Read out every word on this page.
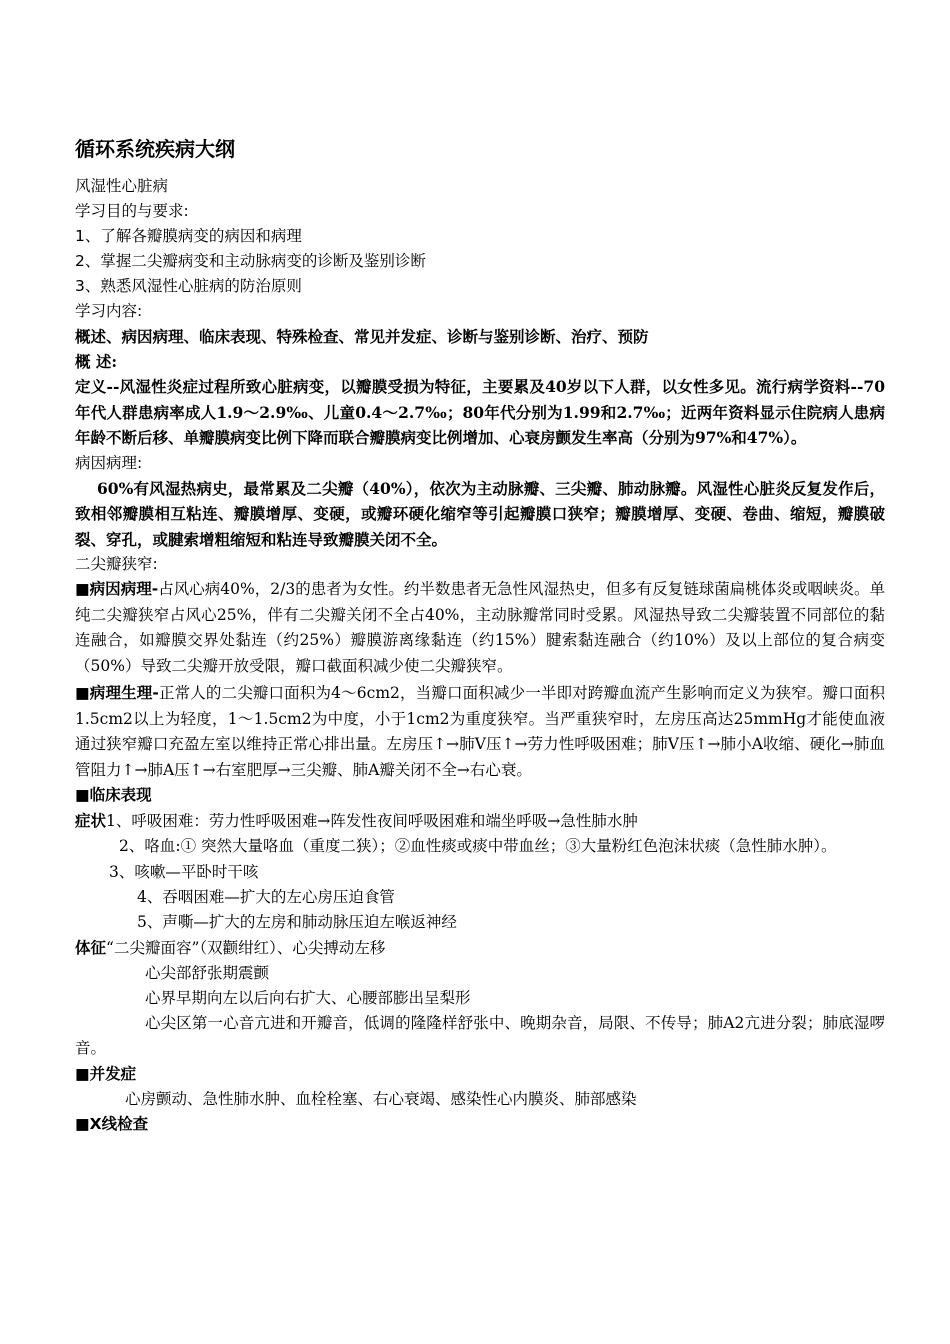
循环系统疾病大纲
风湿性心脏病
学习目的与要求:
1、了解各瓣膜病变的病因和病理
2、掌握二尖瓣病变和主动脉病变的诊断及鉴别诊断
3、熟悉风湿性心脏病的防治原则
学习内容:
概述、病因病理、临床表现、特殊检查、常见并发症、诊断与鉴别诊断、治疗、预防
概 述:
定义--风湿性炎症过程所致心脏病变，以瓣膜受损为特征，主要累及40岁以下人群，以女性多见。流行病学资料--70年代人群患病率成人1.9～2.9‰、儿童0.4～2.7‰；80年代分别为1.99和2.7‰；近两年资料显示住院病人患病年龄不断后移、单瓣膜病变比例下降而联合瓣膜病变比例增加、心衰房颤发生率高（分别为97%和47%）。
病因病理:
60%有风湿热病史，最常累及二尖瓣（40%），依次为主动脉瓣、三尖瓣、肺动脉瓣。风湿性心脏炎反复发作后，致相邻瓣膜相互粘连、瓣膜增厚、变硬，或瓣环硬化缩窄等引起瓣膜口狭窄；瓣膜增厚、变硬、卷曲、缩短，瓣膜破裂、穿孔，或腱索增粗缩短和粘连导致瓣膜关闭不全。
二尖瓣狭窄:
■病因病理-占风心病40%，2/3的患者为女性。约半数患者无急性风湿热史，但多有反复链球菌扁桃体炎或咽峡炎。单纯二尖瓣狭窄占风心25%，伴有二尖瓣关闭不全占40%，主动脉瓣常同时受累。风湿热导致二尖瓣装置不同部位的黏连融合，如瓣膜交界处黏连（约25%）瓣膜游离缘黏连（约15%）腱索黏连融合（约10%）及以上部位的复合病变（50%）导致二尖瓣开放受限，瓣口截面积减少使二尖瓣狭窄。
■病理生理-正常人的二尖瓣口面积为4～6cm2，当瓣口面积减少一半即对跨瓣血流产生影响而定义为狭窄。瓣口面积1.5cm2以上为轻度，1～1.5cm2为中度，小于1cm2为重度狭窄。当严重狭窄时，左房压高达25mmHg才能使血液通过狭窄瓣口充盈左室以维持正常心排出量。左房压↑→肺V压↑→劳力性呼吸困难；肺V压↑→肺小A收缩、硬化→肺血管阻力↑→肺A压↑→右室肥厚→三尖瓣、肺A瓣关闭不全→右心衰。
■临床表现
症状1、呼吸困难：劳力性呼吸困难→阵发性夜间呼吸困难和端坐呼吸→急性肺水肿
2、咯血:① 突然大量咯血（重度二狭）；②血性痰或痰中带血丝；③大量粉红色泡沫状痰（急性肺水肿）。
3、咳嗽—平卧时干咳
4、吞咽困难—扩大的左心房压迫食管
5、声嘶—扩大的左房和肺动脉压迫左喉返神经
体征“二尖瓣面容”（双颧绀红）、心尖搏动左移
心尖部舒张期震颤
心界早期向左以后向右扩大、心腰部膨出呈梨形
心尖区第一心音亢进和开瓣音，低调的隆隆样舒张中、晚期杂音，局限、不传导；肺A2亢进分裂；肺底湿啰音。
■并发症
心房颤动、急性肺水肿、血栓栓塞、右心衰竭、感染性心内膜炎、肺部感染
■X线检查
